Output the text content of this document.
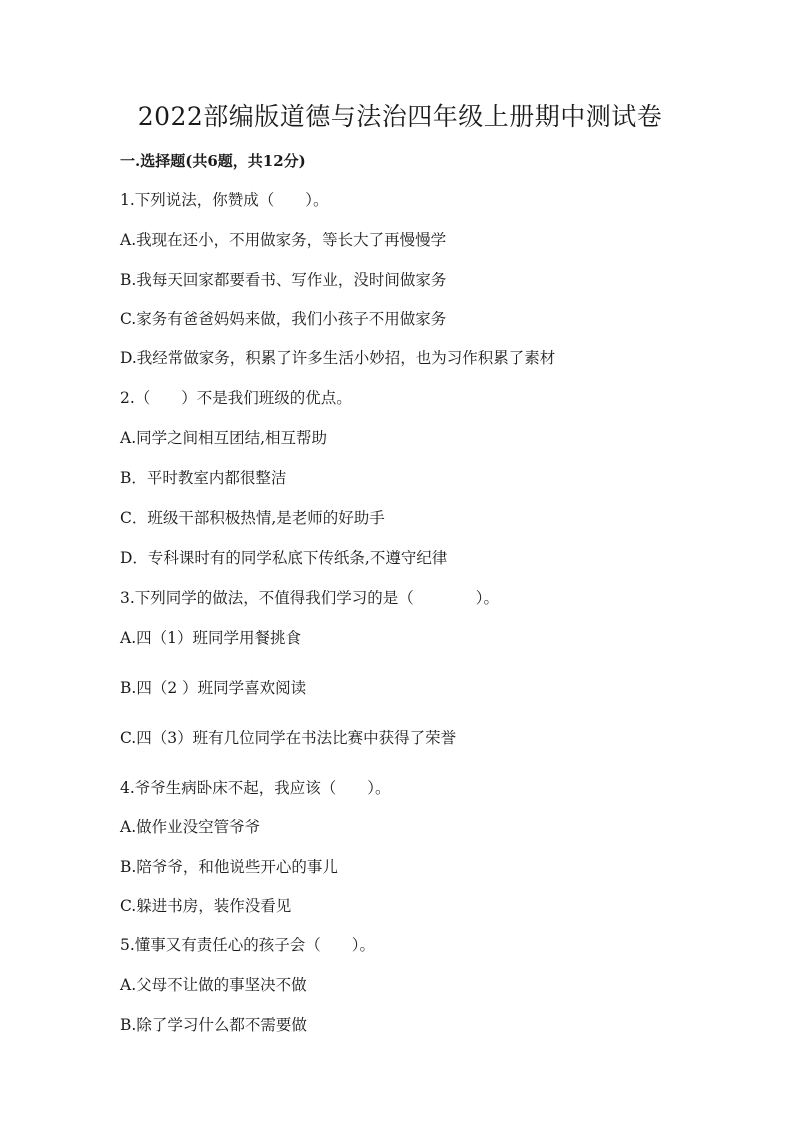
2022部编版道德与法治四年级上册期中测试卷
一.选择题(共6题，共12分)
1.下列说法，你赞成（　　）。
A.我现在还小，不用做家务，等长大了再慢慢学
B.我每天回家都要看书、写作业，没时间做家务
C.家务有爸爸妈妈来做，我们小孩子不用做家务
D.我经常做家务，积累了许多生活小妙招，也为习作积累了素材
2.（　　）不是我们班级的优点。
A.同学之间相互团结,相互帮助
B．平时教室内都很整洁
C．班级干部积极热情,是老师的好助手
D．专科课时有的同学私底下传纸条,不遵守纪律
3.下列同学的做法，不值得我们学习的是（　　　　）。
A.四（1）班同学用餐挑食
B.四（2 ）班同学喜欢阅读
C.四（3）班有几位同学在书法比赛中获得了荣誉
4.爷爷生病卧床不起，我应该（　　）。
A.做作业没空管爷爷
B.陪爷爷，和他说些开心的事儿
C.躲进书房，装作没看见
5.懂事又有责任心的孩子会（　　）。
A.父母不让做的事坚决不做
B.除了学习什么都不需要做
